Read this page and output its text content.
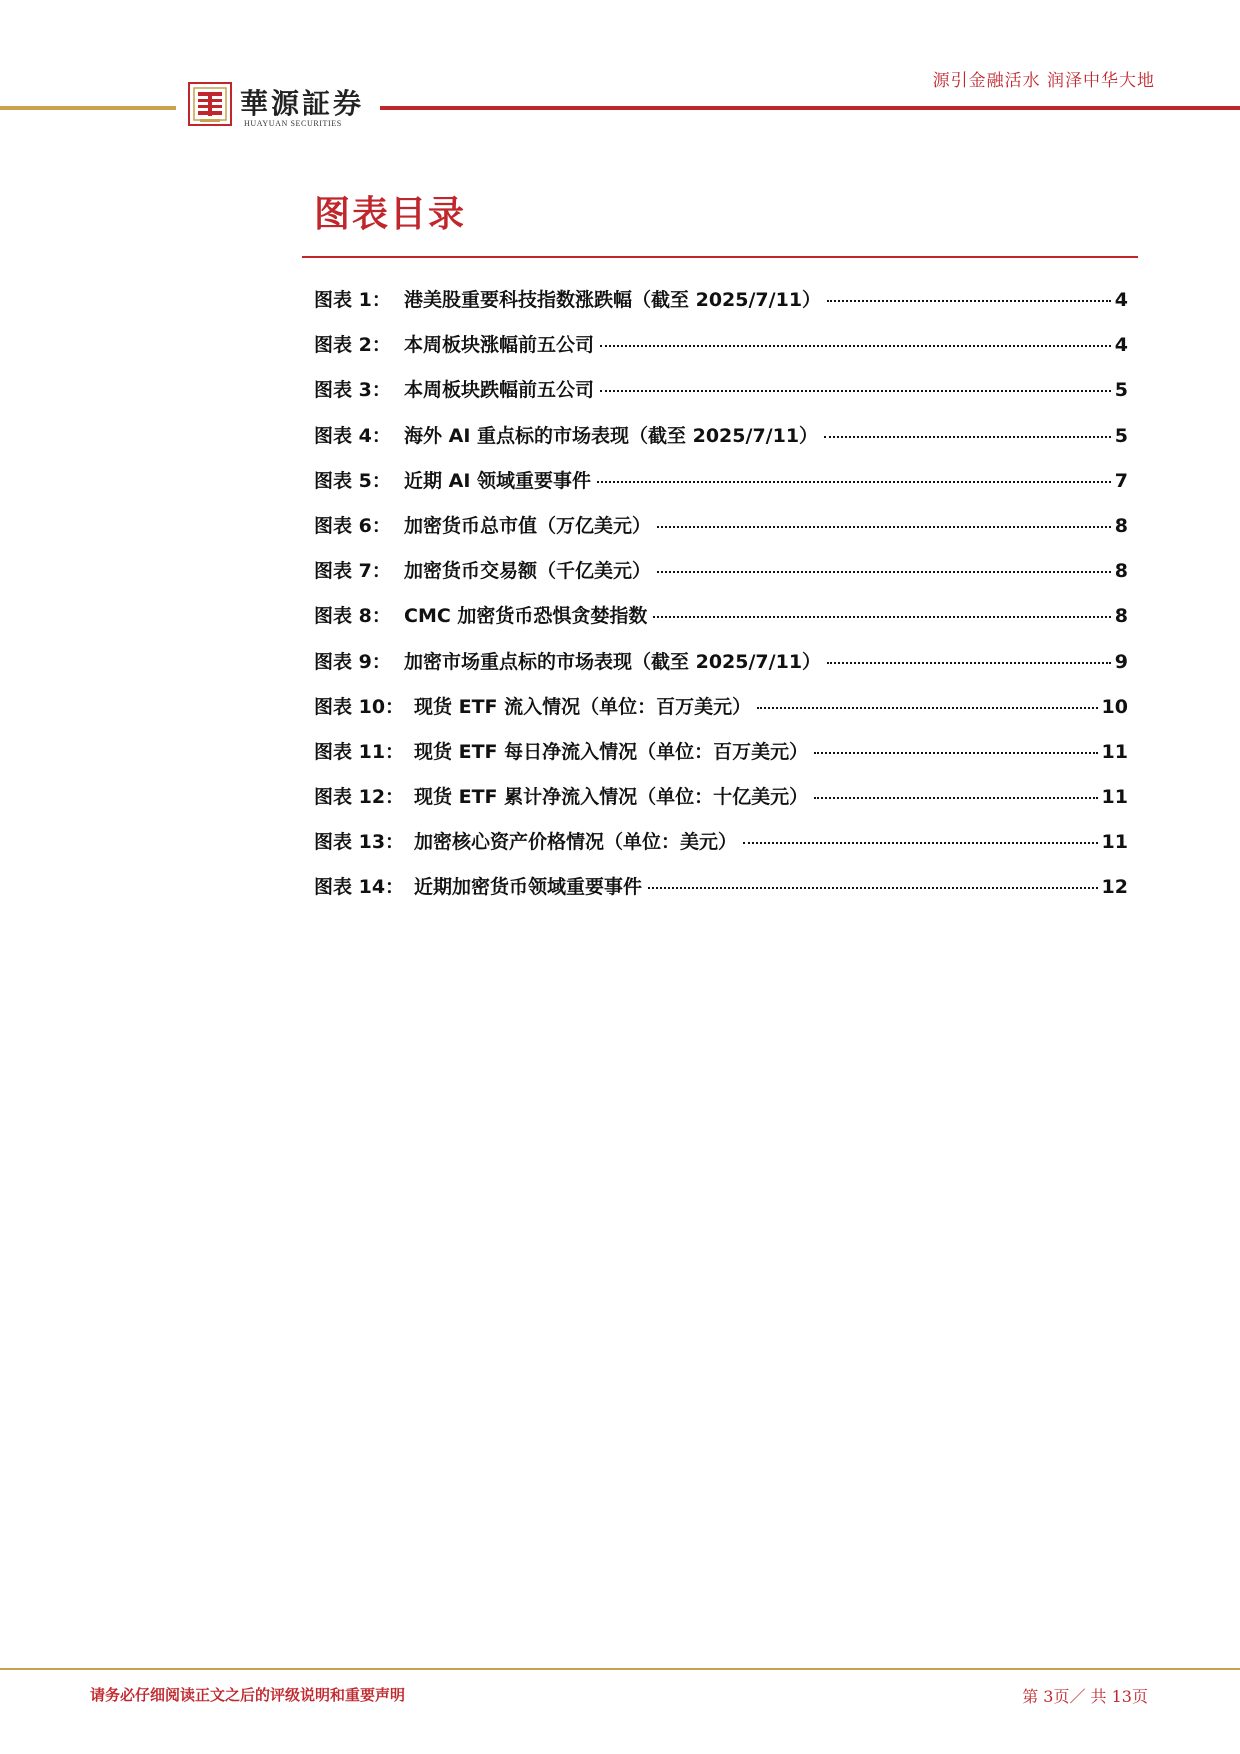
源引金融活水 润泽中华大地
華源証券
HUAYUAN SECURITIES
图表目录
图表 1： 港美股重要科技指数涨跌幅（截至 2025/7/11）	4
图表 2： 本周板块涨幅前五公司	4
图表 3： 本周板块跌幅前五公司	5
图表 4： 海外 AI 重点标的市场表现（截至 2025/7/11）	5
图表 5： 近期 AI 领域重要事件	7
图表 6： 加密货币总市值（万亿美元）	8
图表 7： 加密货币交易额（千亿美元）	8
图表 8： CMC 加密货币恐惧贪婪指数	8
图表 9： 加密市场重点标的市场表现（截至 2025/7/11）	9
图表 10： 现货 ETF 流入情况（单位：百万美元）	10
图表 11： 现货 ETF 每日净流入情况（单位：百万美元）	11
图表 12： 现货 ETF 累计净流入情况（单位：十亿美元）	11
图表 13： 加密核心资产价格情况（单位：美元）	11
图表 14： 近期加密货币领域重要事件	12
请务必仔细阅读正文之后的评级说明和重要声明	第 3页／ 共 13页
